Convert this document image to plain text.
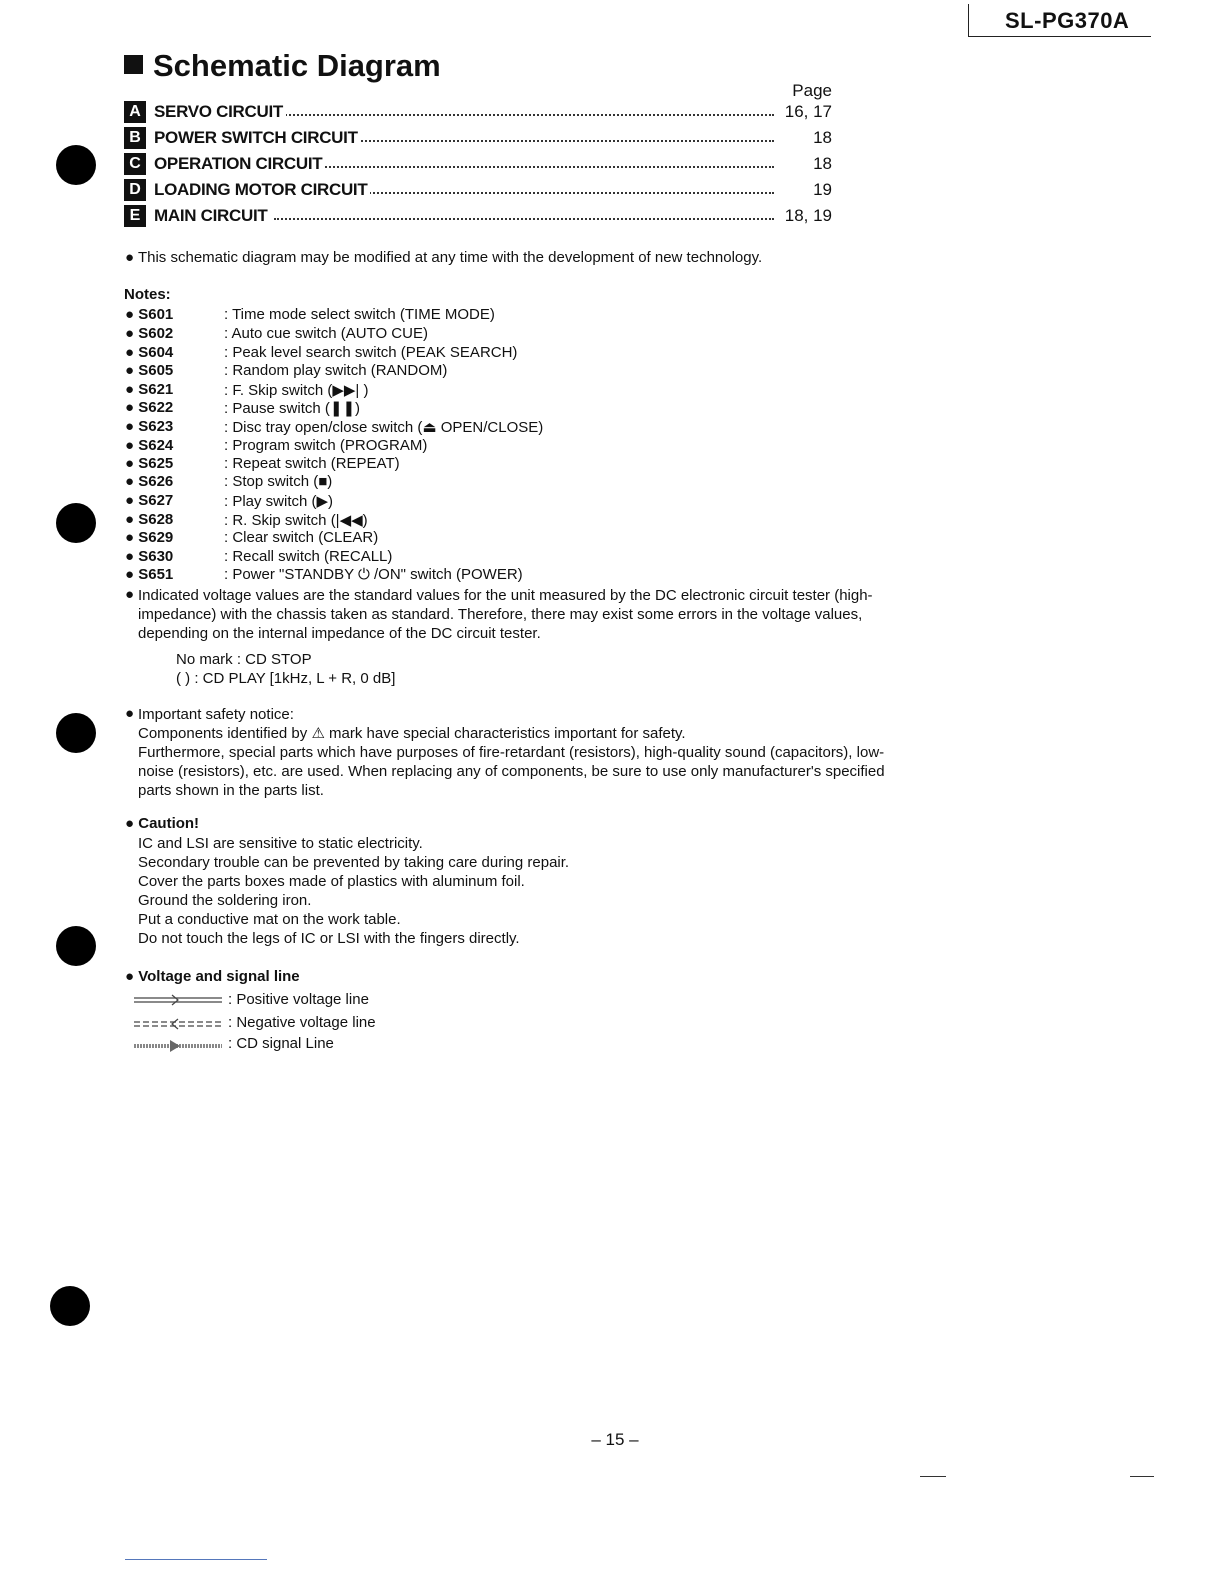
SL-PG370A
Schematic Diagram
Page
A SERVO CIRCUIT	16, 17
B POWER SWITCH CIRCUIT	18
C OPERATION CIRCUIT	18
D LOADING MOTOR CIRCUIT	19
E MAIN CIRCUIT	18, 19
● This schematic diagram may be modified at any time with the development of new technology.
Notes:
● S601	: Time mode select switch (TIME MODE)
● S602	: Auto cue switch (AUTO CUE)
● S604	: Peak level search switch (PEAK SEARCH)
● S605	: Random play switch (RANDOM)
● S621	: F. Skip switch (▶▶| )
● S622	: Pause switch (❚❚)
● S623	: Disc tray open/close switch (⏏ OPEN/CLOSE)
● S624	: Program switch (PROGRAM)
● S625	: Repeat switch (REPEAT)
● S626	: Stop switch (■)
● S627	: Play switch (▶)
● S628	: R. Skip switch (|◀◀)
● S629	: Clear switch (CLEAR)
● S630	: Recall switch (RECALL)
● S651	: Power "STANDBY ⏻ /ON" switch (POWER)
● Indicated voltage values are the standard values for the unit measured by the DC electronic circuit tester (high-
impedance) with the chassis taken as standard. Therefore, there may exist some errors in the voltage values,
depending on the internal impedance of the DC circuit tester.
No mark : CD STOP
( ) : CD PLAY [1kHz, L + R, 0 dB]
● Important safety notice:
Components identified by ⚠ mark have special characteristics important for safety.
Furthermore, special parts which have purposes of fire-retardant (resistors), high-quality sound (capacitors), low-
noise (resistors), etc. are used. When replacing any of components, be sure to use only manufacturer's specified
parts shown in the parts list.
● Caution!
IC and LSI are sensitive to static electricity.
Secondary trouble can be prevented by taking care during repair.
Cover the parts boxes made of plastics with aluminum foil.
Ground the soldering iron.
Put a conductive mat on the work table.
Do not touch the legs of IC or LSI with the fingers directly.
● Voltage and signal line
: Positive voltage line
: Negative voltage line
: CD signal Line
– 15 –
